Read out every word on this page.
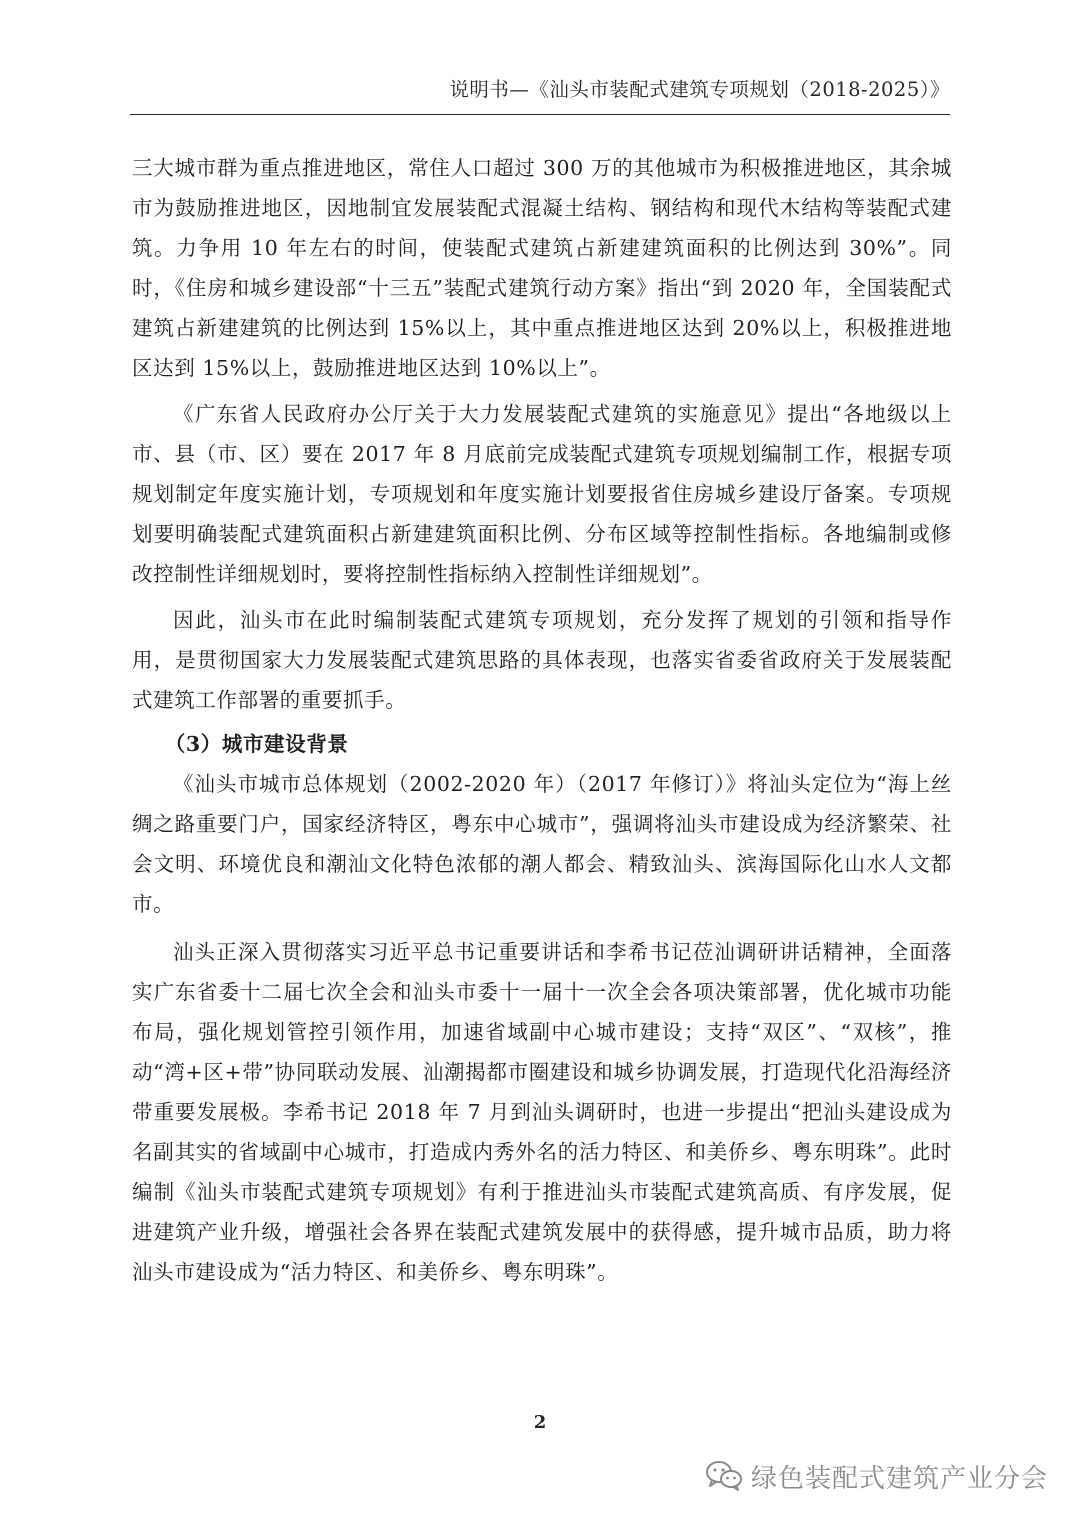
说明书—《汕头市装配式建筑专项规划（2018-2025）》

三大城市群为重点推进地区，常住人口超过 300 万的其他城市为积极推进地区，其余城市为鼓励推进地区，因地制宜发展装配式混凝土结构、钢结构和现代木结构等装配式建筑。力争用 10 年左右的时间，使装配式建筑占新建建筑面积的比例达到 30%”。同时，《住房和城乡建设部“十三五”装配式建筑行动方案》指出“到 2020 年，全国装配式建筑占新建建筑的比例达到 15%以上，其中重点推进地区达到 20%以上，积极推进地区达到 15%以上，鼓励推进地区达到 10%以上”。

《广东省人民政府办公厅关于大力发展装配式建筑的实施意见》提出“各地级以上市、县（市、区）要在 2017 年 8 月底前完成装配式建筑专项规划编制工作，根据专项规划制定年度实施计划，专项规划和年度实施计划要报省住房城乡建设厅备案。专项规划要明确装配式建筑面积占新建建筑面积比例、分布区域等控制性指标。各地编制或修改控制性详细规划时，要将控制性指标纳入控制性详细规划”。

因此，汕头市在此时编制装配式建筑专项规划，充分发挥了规划的引领和指导作用，是贯彻国家大力发展装配式建筑思路的具体表现，也落实省委省政府关于发展装配式建筑工作部署的重要抓手。

（3）城市建设背景

《汕头市城市总体规划（2002-2020 年）（2017 年修订）》将汕头定位为“海上丝绸之路重要门户，国家经济特区，粤东中心城市”，强调将汕头市建设成为经济繁荣、社会文明、环境优良和潮汕文化特色浓郁的潮人都会、精致汕头、滨海国际化山水人文都市。

汕头正深入贯彻落实习近平总书记重要讲话和李希书记莅汕调研讲话精神，全面落实广东省委十二届七次全会和汕头市委十一届十一次全会各项决策部署，优化城市功能布局，强化规划管控引领作用，加速省域副中心城市建设；支持“双区”、“双核”，推动“湾+区+带”协同联动发展、汕潮揭都市圈建设和城乡协调发展，打造现代化沿海经济带重要发展极。李希书记 2018 年 7 月到汕头调研时，也进一步提出“把汕头建设成为名副其实的省域副中心城市，打造成内秀外名的活力特区、和美侨乡、粤东明珠”。此时编制《汕头市装配式建筑专项规划》有利于推进汕头市装配式建筑高质、有序发展，促进建筑产业升级，增强社会各界在装配式建筑发展中的获得感，提升城市品质，助力将汕头市建设成为“活力特区、和美侨乡、粤东明珠”。

2
绿色装配式建筑产业分会
